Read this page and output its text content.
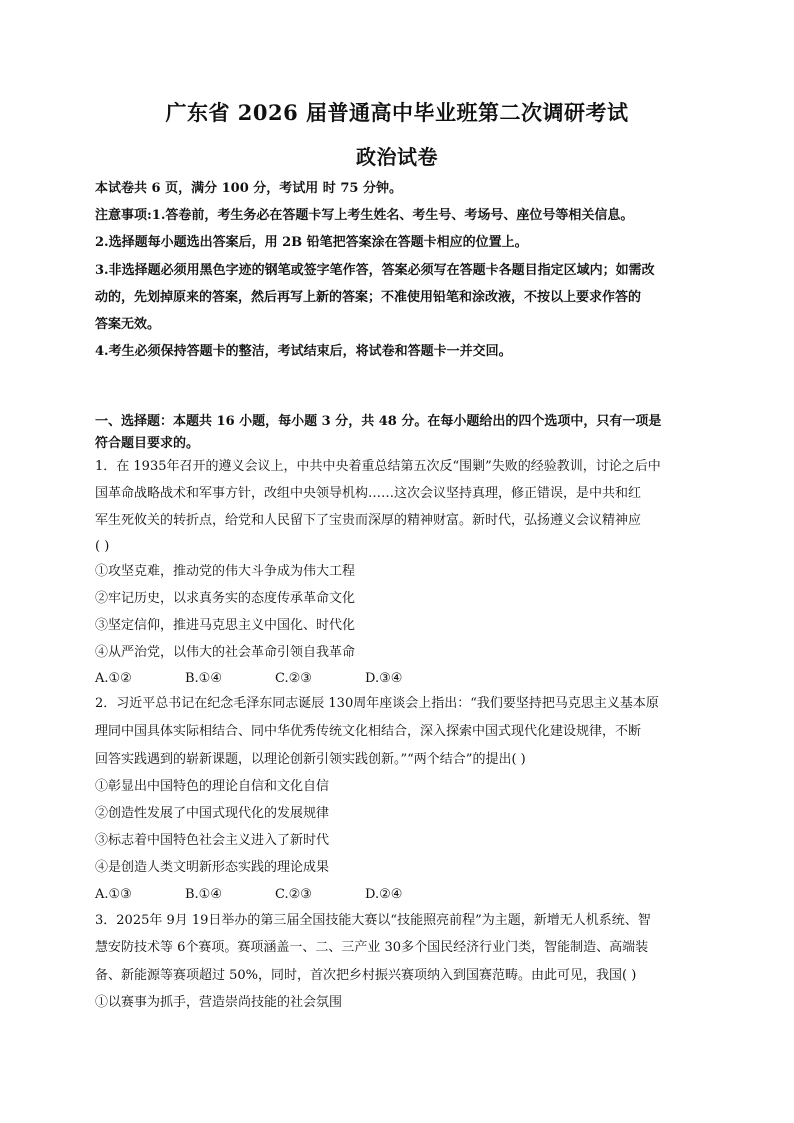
广东省 2026 届普通高中毕业班第二次调研考试
政治试卷
本试卷共 6 页，满分 100 分，考试用 时 75 分钟。
注意事项:1.答卷前，考生务必在答题卡写上考生姓名、考生号、考场号、座位号等相关信息。
2.选择题每小题选出答案后，用 2B 铅笔把答案涂在答题卡相应的位置上。
3.非选择题必须用黑色字迹的钢笔或签字笔作答，答案必须写在答题卡各题目指定区域内；如需改
动的，先划掉原来的答案，然后再写上新的答案；不准使用铅笔和涂改液，不按以上要求作答的
答案无效。
4.考生必须保持答题卡的整洁，考试结束后，将试卷和答题卡一并交回。
一、选择题：本题共 16 小题，每小题 3 分，共 48 分。在每小题给出的四个选项中，只有一项是
符合题目要求的。
1．在 1935年召开的遵义会议上，中共中央着重总结第五次反“围剿”失败的经验教训，讨论之后中
国革命战略战术和军事方针，改组中央领导机构……这次会议坚持真理，修正错误，是中共和红
军生死攸关的转折点，给党和人民留下了宝贵而深厚的精神财富。新时代，弘扬遵义会议精神应
( )
①攻坚克难，推动党的伟大斗争成为伟大工程
②牢记历史，以求真务实的态度传承革命文化
③坚定信仰，推进马克思主义中国化、时代化
④从严治党，以伟大的社会革命引领自我革命
A.①②	B.①④	C.②③	D.③④
2．习近平总书记在纪念毛泽东同志诞辰 130周年座谈会上指出：“我们要坚持把马克思主义基本原
理同中国具体实际相结合、同中华优秀传统文化相结合，深入探索中国式现代化建设规律，不断
回答实践遇到的崭新课题，以理论创新引领实践创新。”“两个结合”的提出( )
①彰显出中国特色的理论自信和文化自信
②创造性发展了中国式现代化的发展规律
③标志着中国特色社会主义进入了新时代
④是创造人类文明新形态实践的理论成果
A.①③	B.①④	C.②③	D.②④
3．2025年 9月 19日举办的第三届全国技能大赛以“技能照亮前程”为主题，新增无人机系统、智
慧安防技术等 6个赛项。赛项涵盖一、二、三产业 30多个国民经济行业门类，智能制造、高端装
备、新能源等赛项超过 50%，同时，首次把乡村振兴赛项纳入到国赛范畴。由此可见，我国( )
①以赛事为抓手，营造崇尚技能的社会氛围
